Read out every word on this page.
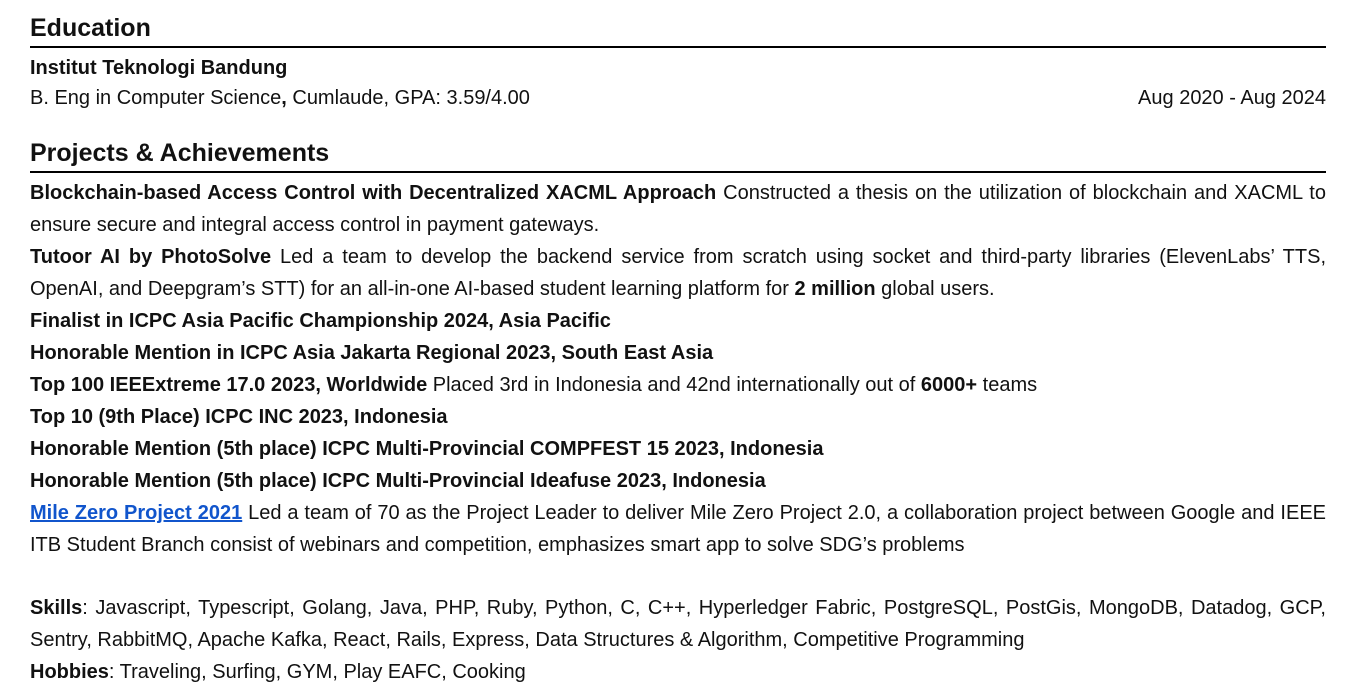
Education
Institut Teknologi Bandung
B. Eng in Computer Science, Cumlaude, GPA: 3.59/4.00	Aug 2020 - Aug 2024
Projects & Achievements

Blockchain-based Access Control with Decentralized XACML Approach Constructed a thesis on the utilization of blockchain and XACML to ensure secure and integral access control in payment gateways.

Tutoor AI by PhotoSolve Led a team to develop the backend service from scratch using socket and third-party libraries (ElevenLabs’ TTS, OpenAI, and Deepgram’s STT) for an all-in-one AI-based student learning platform for 2 million global users.

Finalist in ICPC Asia Pacific Championship 2024, Asia Pacific

Honorable Mention in ICPC Asia Jakarta Regional 2023, South East Asia

Top 100 IEEExtreme 17.0 2023, Worldwide Placed 3rd in Indonesia and 42nd internationally out of 6000+ teams

Top 10 (9th Place) ICPC INC 2023, Indonesia

Honorable Mention (5th place) ICPC Multi-Provincial COMPFEST 15 2023, Indonesia

Honorable Mention (5th place) ICPC Multi-Provincial Ideafuse 2023, Indonesia

Mile Zero Project 2021 Led a team of 70 as the Project Leader to deliver Mile Zero Project 2.0, a collaboration project between Google and IEEE ITB Student Branch consist of webinars and competition, emphasizes smart app to solve SDG’s problems

Skills: Javascript, Typescript, Golang, Java, PHP, Ruby, Python, C, C++, Hyperledger Fabric, PostgreSQL, PostGis, MongoDB, Datadog, GCP, Sentry, RabbitMQ, Apache Kafka, React, Rails, Express, Data Structures & Algorithm, Competitive Programming

Hobbies: Traveling, Surfing, GYM, Play EAFC, Cooking
